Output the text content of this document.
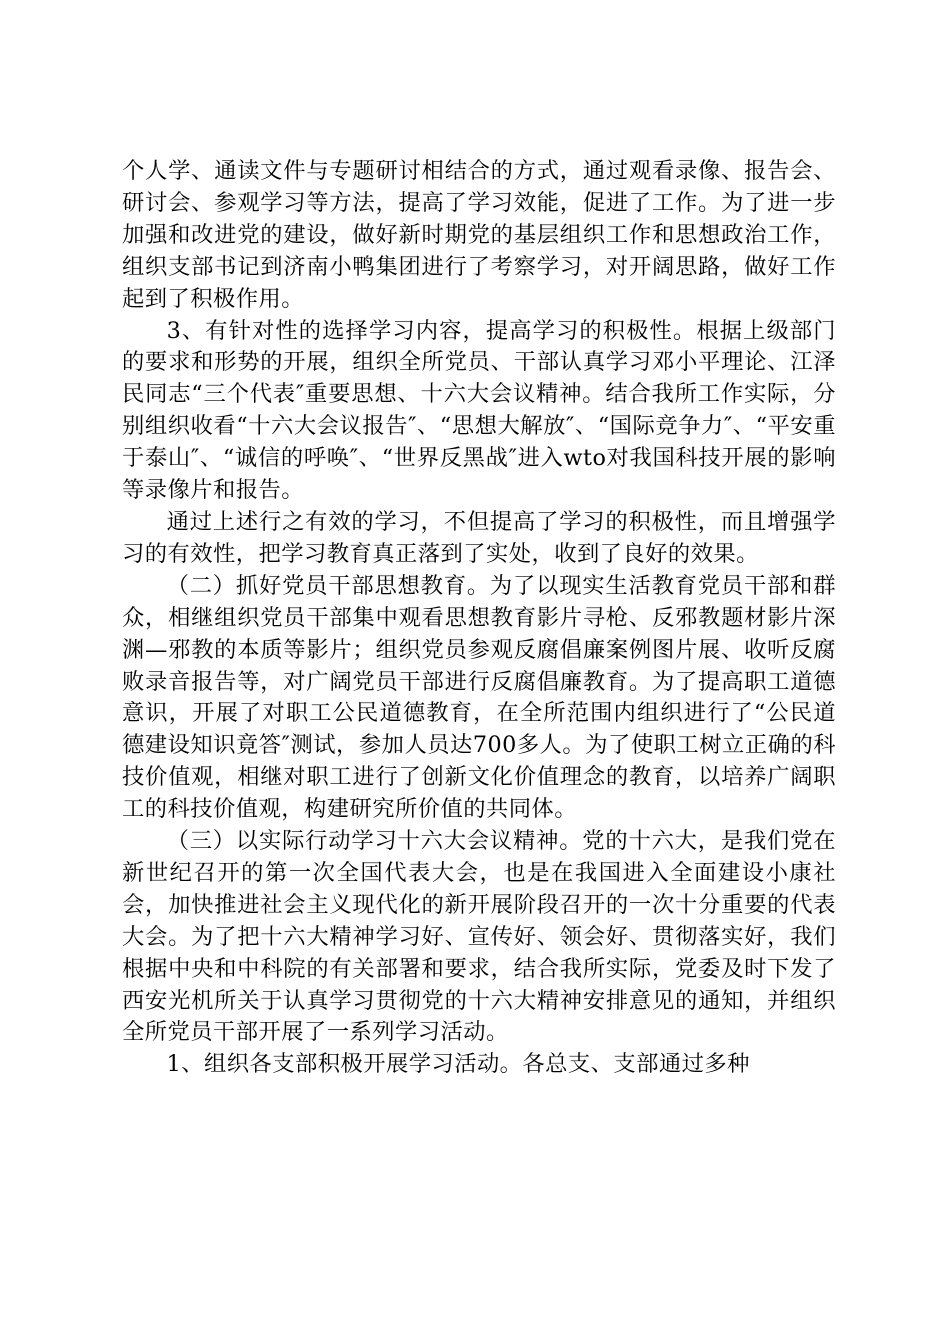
个人学、通读文件与专题研讨相结合的方式，通过观看录像、报告会、研讨会、参观学习等方法，提高了学习效能，促进了工作。为了进一步加强和改进党的建设，做好新时期党的基层组织工作和思想政治工作，组织支部书记到济南小鸭集团进行了考察学习，对开阔思路，做好工作起到了积极作用。

3、有针对性的选择学习内容，提高学习的积极性。根据上级部门的要求和形势的开展，组织全所党员、干部认真学习邓小平理论、江泽民同志“三个代表″重要思想、十六大会议精神。结合我所工作实际，分别组织收看“十六大会议报告″、“思想大解放″、“国际竞争力″、“平安重于泰山″、“诚信的呼唤″、“世界反黑战″进入wto对我国科技开展的影响等录像片和报告。

通过上述行之有效的学习，不但提高了学习的积极性，而且增强学习的有效性，把学习教育真正落到了实处，收到了良好的效果。

（二）抓好党员干部思想教育。为了以现实生活教育党员干部和群众，相继组织党员干部集中观看思想教育影片寻枪、反邪教题材影片深渊—邪教的本质等影片；组织党员参观反腐倡廉案例图片展、收听反腐败录音报告等，对广阔党员干部进行反腐倡廉教育。为了提高职工道德意识，开展了对职工公民道德教育，在全所范围内组织进行了“公民道德建设知识竟答″测试，参加人员达700多人。为了使职工树立正确的科技价值观，相继对职工进行了创新文化价值理念的教育，以培养广阔职工的科技价值观，构建研究所价值的共同体。

（三）以实际行动学习十六大会议精神。党的十六大，是我们党在新世纪召开的第一次全国代表大会，也是在我国进入全面建设小康社会，加快推进社会主义现代化的新开展阶段召开的一次十分重要的代表大会。为了把十六大精神学习好、宣传好、领会好、贯彻落实好，我们根据中央和中科院的有关部署和要求，结合我所实际，党委及时下发了西安光机所关于认真学习贯彻党的十六大精神安排意见的通知，并组织全所党员干部开展了一系列学习活动。

1、组织各支部积极开展学习活动。各总支、支部通过多种
